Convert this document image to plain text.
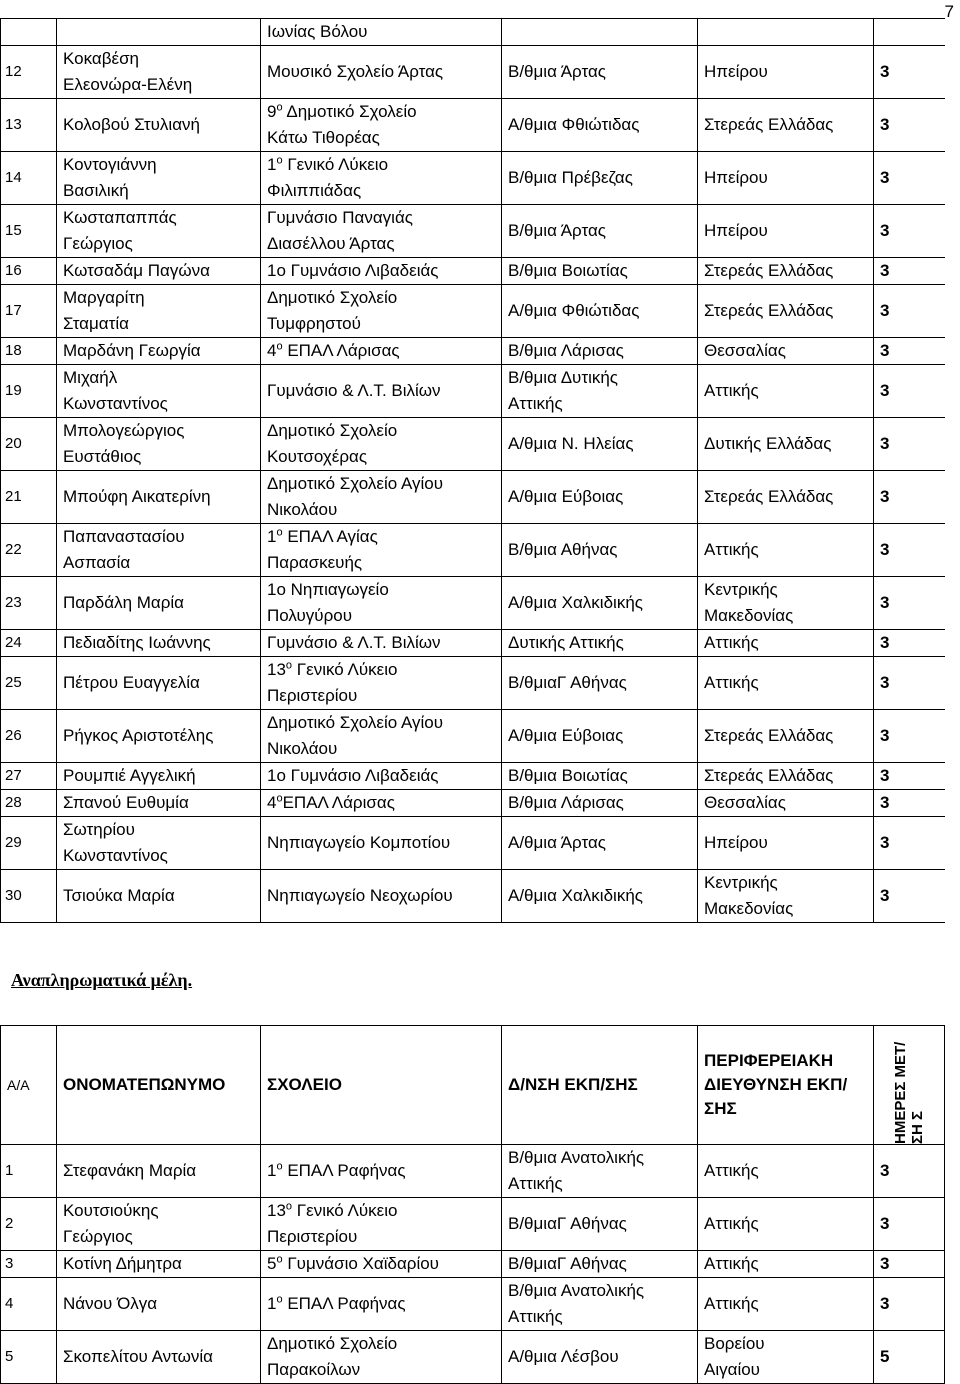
7

		Ιωνίας Βόλου			

12	Κοκαβέση
Ελεονώρα-Ελένη	Μουσικό Σχολείο Άρτας	Β/θμια Άρτας	Ηπείρου	3

13	Κολοβού Στυλιανή	$9^o$ Δημοτικό Σχολείο
Κάτω Τιθορέας	Α/θμια Φθιώτιδας	Στερεάς Ελλάδας	3

14	Κοντογιάννη
Βασιλική	$1^o$ Γενικό Λύκειο
Φιλιππιάδας	Β/θμια Πρέβεζας	Ηπείρου	3

15	Κωσταπαππάς
Γεώργιος	Γυμνάσιο Παναγιάς
Διασέλλου Άρτας	Β/θμια Άρτας	Ηπείρου	3

16	Κωτσαδάμ Παγώνα	1ο Γυμνάσιο Λιβαδειάς	Β/θμια Βοιωτίας	Στερεάς Ελλάδας	3

17	Μαργαρίτη
Σταματία	Δημοτικό Σχολείο
Τυμφρηστού	Α/θμια Φθιώτιδας	Στερεάς Ελλάδας	3

18	Μαρδάνη Γεωργία	$4^o$ ΕΠΑΛ Λάρισας	Β/θμια Λάρισας	Θεσσαλίας	3

19	Μιχαήλ
Κωνσταντίνος	Γυμνάσιο & Λ.Τ. Βιλίων	Β/θμια Δυτικής
Αττικής	Αττικής	3

20	Μπολογεώργιος
Ευστάθιος	Δημοτικό Σχολείο
Κουτσοχέρας	Α/θμια Ν. Ηλείας	Δυτικής Ελλάδας	3

21	Μπούφη Αικατερίνη	Δημοτικό Σχολείο Αγίου
Νικολάου	Α/θμια Εύβοιας	Στερεάς Ελλάδας	3

22	Παπαναστασίου
Ασπασία	$1^o$ ΕΠΑΛ Αγίας
Παρασκευής	Β/θμια Αθήνας	Αττικής	3

23	Παρδάλη Μαρία	1ο Νηπιαγωγείο
Πολυγύρου	Α/θμια Χαλκιδικής	Κεντρικής
Μακεδονίας	3

24	Πεδιαδίτης Ιωάννης	Γυμνάσιο & Λ.Τ. Βιλίων	Δυτικής Αττικής	Αττικής	3

25	Πέτρου Ευαγγελία	$13^o$ Γενικό Λύκειο
Περιστερίου	Β/θμιαΓ Αθήνας	Αττικής	3

26	Ρήγκος Αριστοτέλης	Δημοτικό Σχολείο Αγίου
Νικολάου	Α/θμια Εύβοιας	Στερεάς Ελλάδας	3

27	Ρουμπιέ Αγγελική	1ο Γυμνάσιο Λιβαδειάς	Β/θμια Βοιωτίας	Στερεάς Ελλάδας	3

28	Σπανού Ευθυμία	$4^oE\Pi A\Lambda$ Λάρισας	Β/θμια Λάρισας	Θεσσαλίας	3

29	Σωτηρίου
Κωνσταντίνος	Νηπιαγωγείο Κομποτίου	Α/θμια Άρτας	Ηπείρου	3

30	Τσιούκα Μαρία	Νηπιαγωγείο Νεοχωρίου	Α/θμια Χαλκιδικής	Κεντρικής
Μακεδονίας	3
Αναπληρωματικά μέλη.
Α/Α	ΟΝΟΜΑΤΕΠΩΝΥΜΟ	ΣΧΟΛΕΙΟ	Δ/ΝΣΗ ΕΚΠ/ΣΗΣ	ΠΕΡΙΦΕΡΕΙΑΚΗ ΔΙΕΥΘΥΝΣΗ ΕΚΠ/ΣΗΣ	ΗΜΕΡΕΣ ΜΕΤ/ΣΗ Σ

1	Στεφανάκη Μαρία	$1^o$ ΕΠΑΛ Ραφήνας	Β/θμια Ανατολικής
Αττικής	Αττικής	3

2	Κουτσιούκης
Γεώργιος	$13^o$ Γενικό Λύκειο
Περιστερίου	Β/θμιαΓ Αθήνας	Αττικής	3

3	Κοτίνη Δήμητρα	$5^o$ Γυμνάσιο Χαϊδαρίου	Β/θμιαΓ Αθήνας	Αττικής	3

4	Νάνου Όλγα	$1^o$ ΕΠΑΛ Ραφήνας	Β/θμια Ανατολικής
Αττικής	Αττικής	3

5	Σκοπελίτου Αντωνία	Δημοτικό Σχολείο
Παρακοίλων	Α/θμια Λέσβου	Βορείου
Αιγαίου	5
